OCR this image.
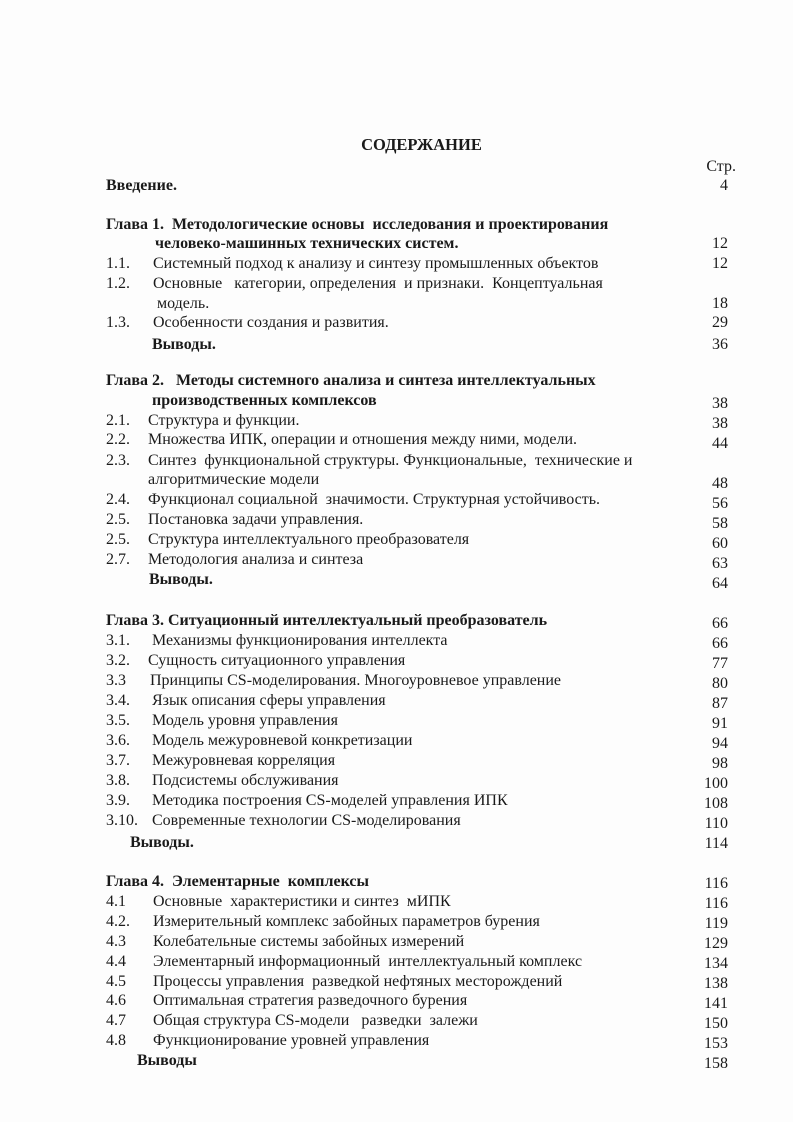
СОДЕРЖАНИЕ
Стр.
Введение.	4
Глава 1.  Методологические основы  исследования и проектирования
человеко-машинных технических систем.	12
1.1. Системный подход к анализу и синтезу промышленных объектов	12
1.2. Основные   категории, определения  и признаки.  Концептуальная
модель.	18
1.3. Особенности создания и развития.	29
Выводы.	36
Глава 2.   Методы системного анализа и синтеза интеллектуальных
производственных комплексов	38
2.1. Структура и функции.	38
2.2. Множества ИПК, операции и отношения между ними, модели.	44
2.3. Синтез  функциональной структуры. Функциональные,  технические и
алгоритмические модели	48
2.4. Функционал социальной  значимости. Структурная устойчивость.	56
2.5. Постановка задачи управления.	58
2.5. Структура интеллектуального преобразователя	60
2.7. Методология анализа и синтеза	63
Выводы.	64
Глава 3. Ситуационный интеллектуальный преобразователь	66
3.1. Механизмы функционирования интеллекта	66
3.2. Сущность ситуационного управления	77
3.3 Принципы CS-моделирования. Многоуровневое управление	80
3.4. Язык описания сферы управления	87
3.5. Модель уровня управления	91
3.6. Модель межуровневой конкретизации	94
3.7. Межуровневая корреляция	98
3.8. Подсистемы обслуживания	100
3.9. Методика построения CS-моделей управления ИПК	108
3.10. Современные технологии CS-моделирования	110
Выводы.	114
Глава 4.  Элементарные  комплексы	116
4.1 Основные  характеристики и синтез  мИПК	116
4.2. Измерительный комплекс забойных параметров бурения	119
4.3 Колебательные системы забойных измерений	129
4.4 Элементарный информационный  интеллектуальный комплекс	134
4.5 Процессы управления  разведкой нефтяных месторождений	138
4.6 Оптимальная стратегия разведочного бурения	141
4.7 Общая структура CS-модели   разведки  залежи	150
4.8 Функционирование уровней управления	153
Выводы	158
